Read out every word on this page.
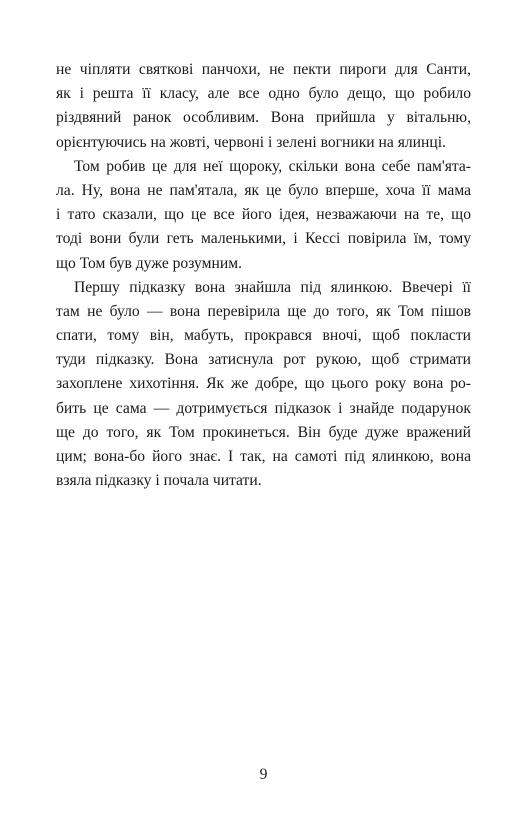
не чіпляти святкові панчохи, не пекти пироги для Санти,
як і решта її класу, але все одно було дещо, що робило
різдвяний ранок особливим. Вона прийшла у вітальню,
орієнтуючись на жовті, червоні і зелені вогники на ялинці.
Том робив це для неї щороку, скільки вона себе пам'ята-
ла. Ну, вона не пам'ятала, як це було вперше, хоча її мама
і тато сказали, що це все його ідея, незважаючи на те, що
тоді вони були геть маленькими, і Кессі повірила їм, тому
що Том був дуже розумним.
Першу підказку вона знайшла під ялинкою. Ввечері її
там не було — вона перевірила ще до того, як Том пішов
спати, тому він, мабуть, прокрався вночі, щоб покласти
туди підказку. Вона затиснула рот рукою, щоб стримати
захоплене хихотіння. Як же добре, що цього року вона ро-
бить це сама — дотримується підказок і знайде подарунок
ще до того, як Том прокинеться. Він буде дуже вражений
цим; вона-бо його знає. І так, на самоті під ялинкою, вона
взяла підказку і почала читати.
9
